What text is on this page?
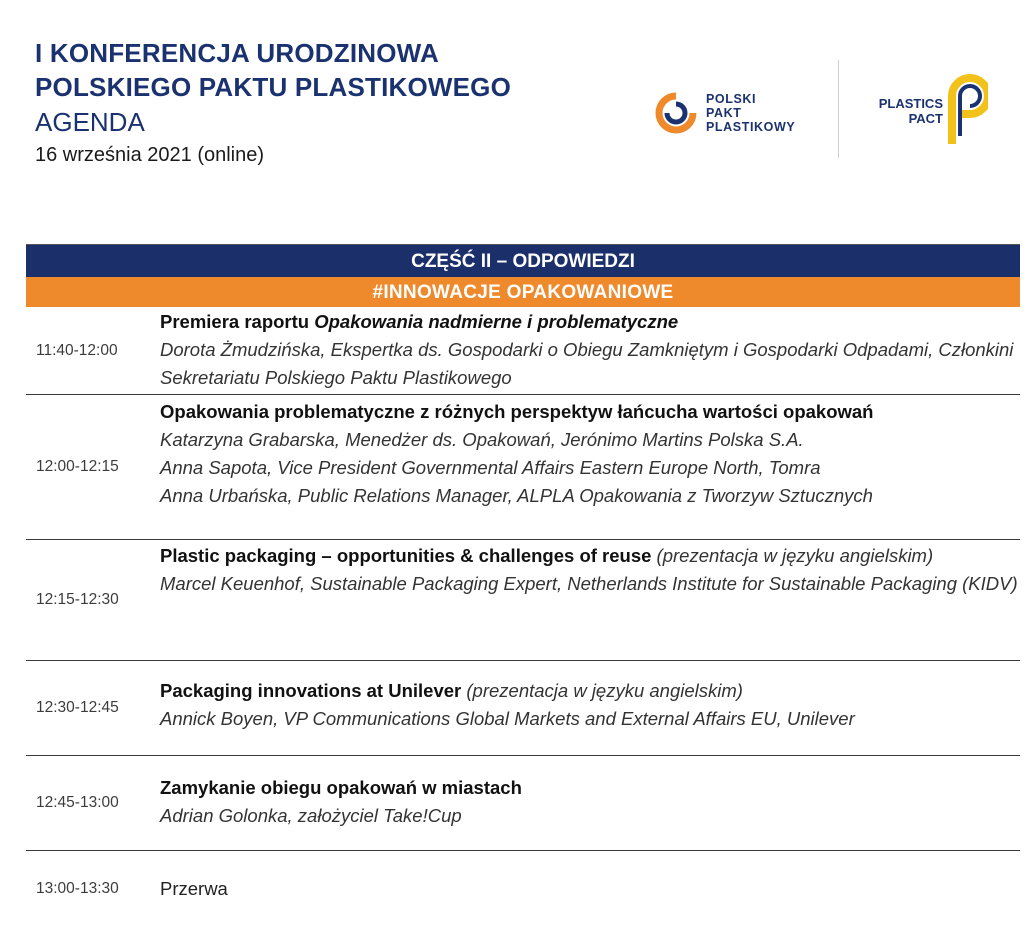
I KONFERENCJA URODZINOWA
POLSKIEGO PAKTU PLASTIKOWEGO
AGENDA
16 września 2021 (online)
POLSKI
PAKT
PLASTIKOWY
PLASTICS
PACT
CZĘŚĆ II – ODPOWIEDZI
#INNOWACJE OPAKOWANIOWE
11:40-12:00
Premiera raportu Opakowania nadmierne i problematyczne
Dorota Żmudzińska, Ekspertka ds. Gospodarki o Obiegu Zamkniętym i Gospodarki Odpadami, Członkini Sekretariatu Polskiego Paktu Plastikowego
12:00-12:15
Opakowania problematyczne z różnych perspektyw łańcucha wartości opakowań
Katarzyna Grabarska, Menedżer ds. Opakowań, Jerónimo Martins Polska S.A.
Anna Sapota, Vice President Governmental Affairs Eastern Europe North, Tomra
Anna Urbańska, Public Relations Manager, ALPLA Opakowania z Tworzyw Sztucznych
12:15-12:30
Plastic packaging – opportunities & challenges of reuse (prezentacja w języku angielskim)
Marcel Keuenhof, Sustainable Packaging Expert, Netherlands Institute for Sustainable Packaging (KIDV)
12:30-12:45
Packaging innovations at Unilever (prezentacja w języku angielskim)
Annick Boyen, VP Communications Global Markets and External Affairs EU, Unilever
12:45-13:00
Zamykanie obiegu opakowań w miastach
Adrian Golonka, założyciel Take!Cup
13:00-13:30	Przerwa
